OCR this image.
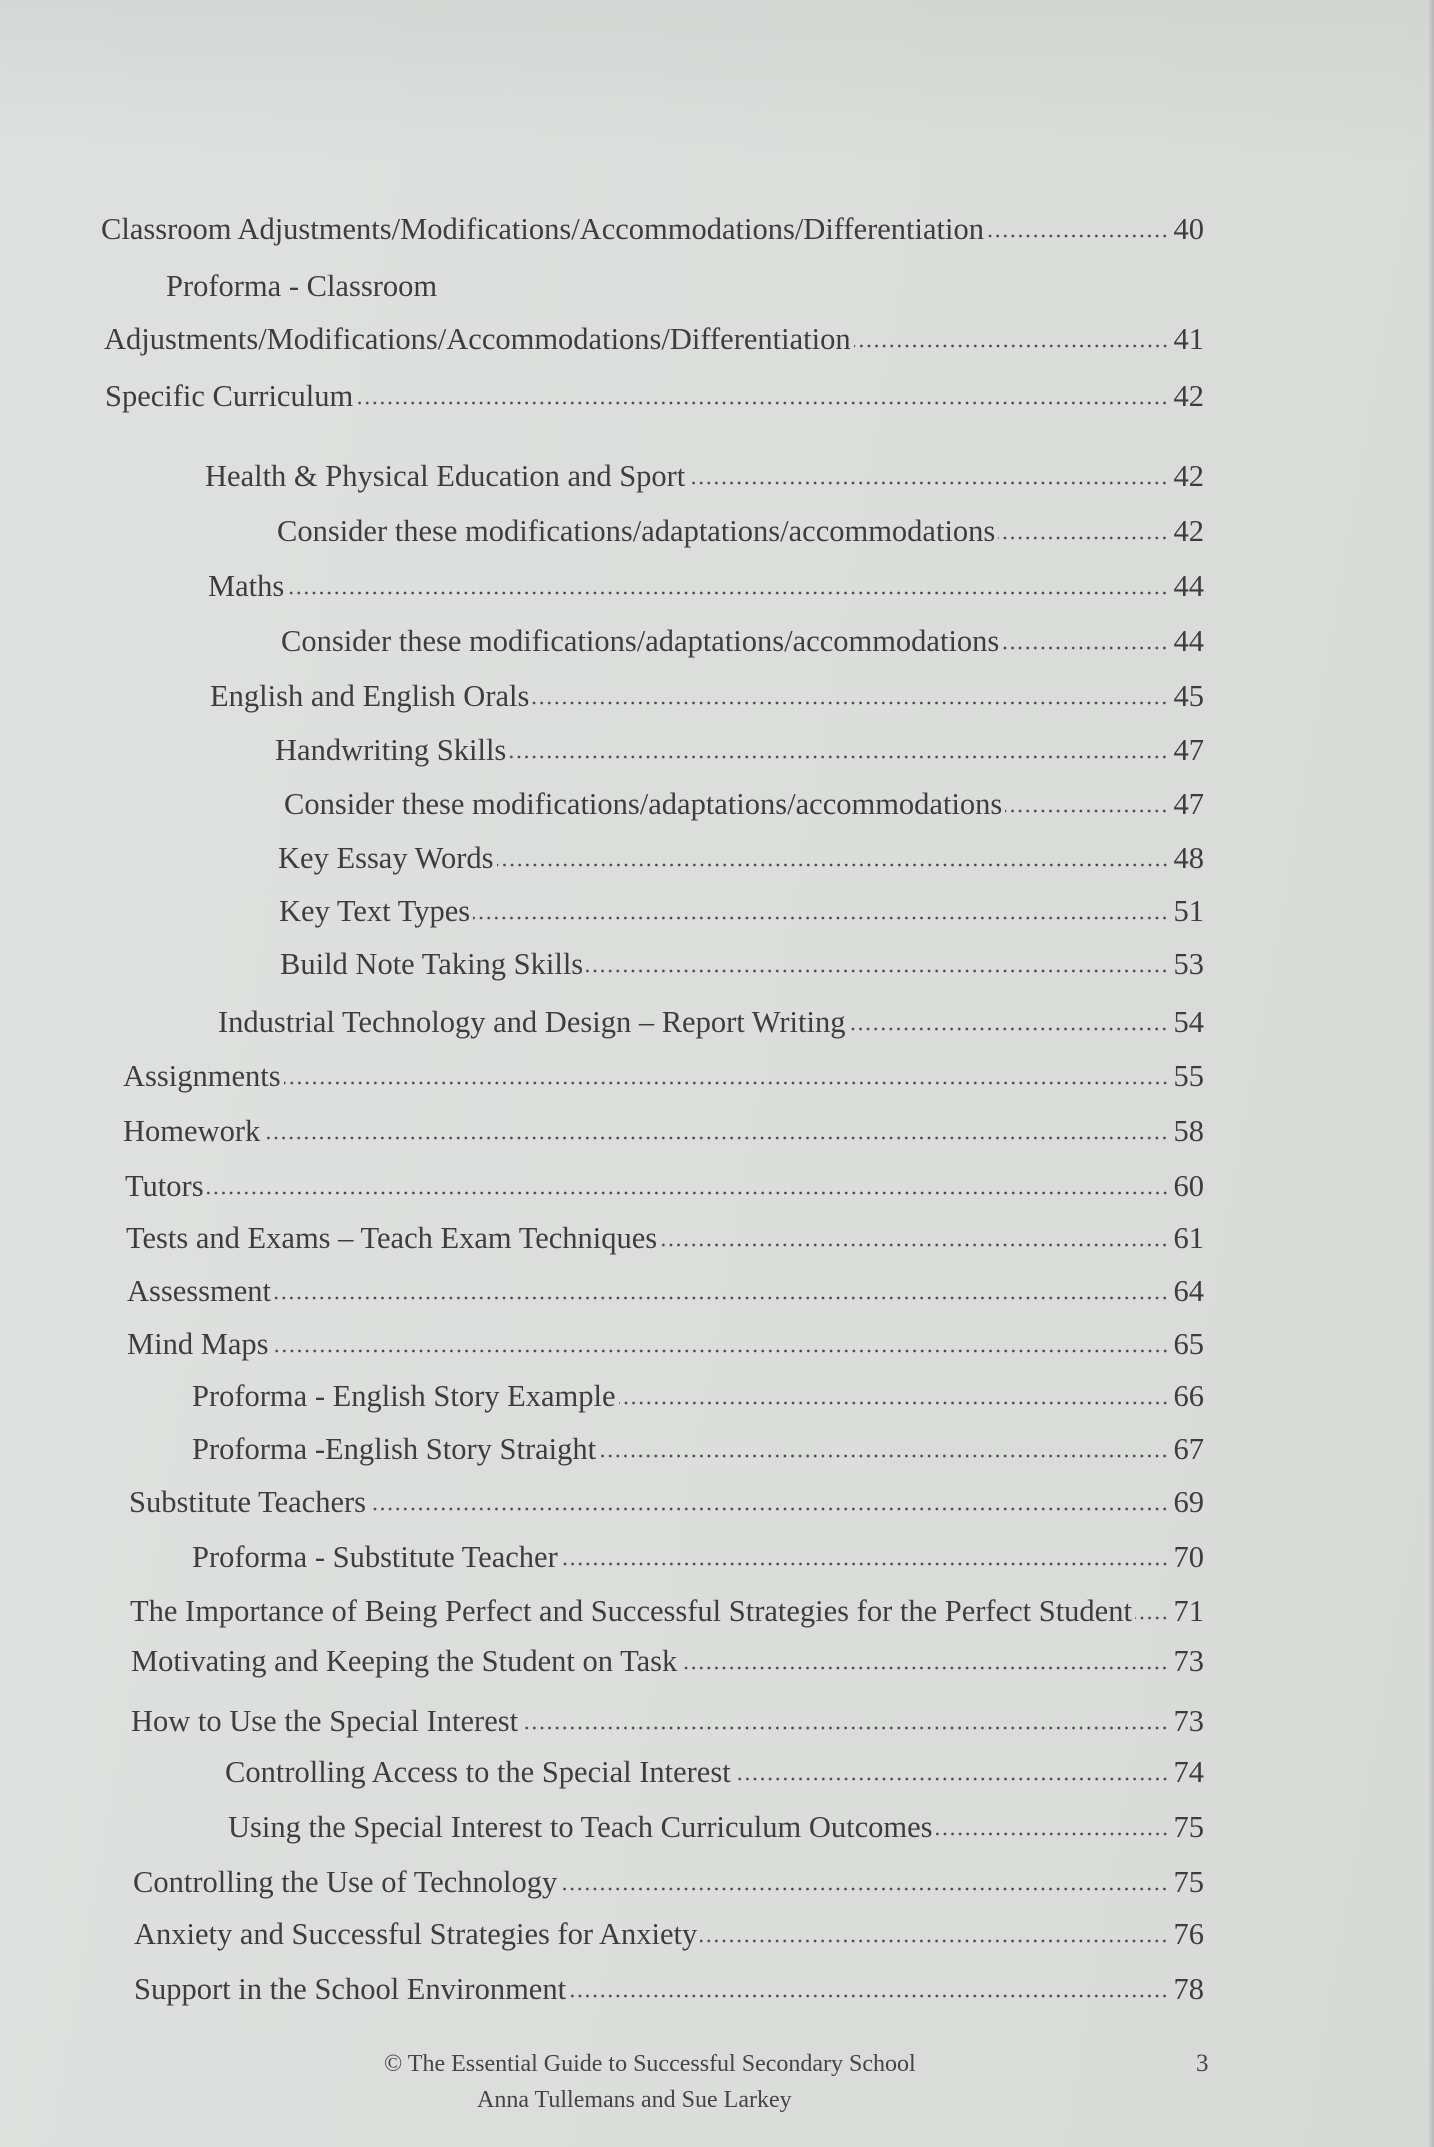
Classroom Adjustments/Modifications/Accommodations/Differentiation	40
Proforma - Classroom
Adjustments/Modifications/Accommodations/Differentiation	41
Specific Curriculum	42
Health & Physical Education and Sport	42
Consider these modifications/adaptations/accommodations	42
Maths	44
Consider these modifications/adaptations/accommodations	44
English and English Orals	45
Handwriting Skills	47
Consider these modifications/adaptations/accommodations	47
Key Essay Words	48
Key Text Types	51
Build Note Taking Skills	53
Industrial Technology and Design – Report Writing	54
Assignments	55
Homework	58
Tutors	60
Tests and Exams – Teach Exam Techniques	61
Assessment	64
Mind Maps	65
Proforma - English Story Example	66
Proforma -English Story Straight	67
Substitute Teachers	69
Proforma - Substitute Teacher	70
The Importance of Being Perfect and Successful Strategies for the Perfect Student 71
Motivating and Keeping the Student on Task	73
How to Use the Special Interest	73
Controlling Access to the Special Interest	74
Using the Special Interest to Teach Curriculum Outcomes	75
Controlling the Use of Technology	75
Anxiety and Successful Strategies for Anxiety	76
Support in the School Environment	78
© The Essential Guide to Successful Secondary School
Anna Tullemans and Sue Larkey
3
